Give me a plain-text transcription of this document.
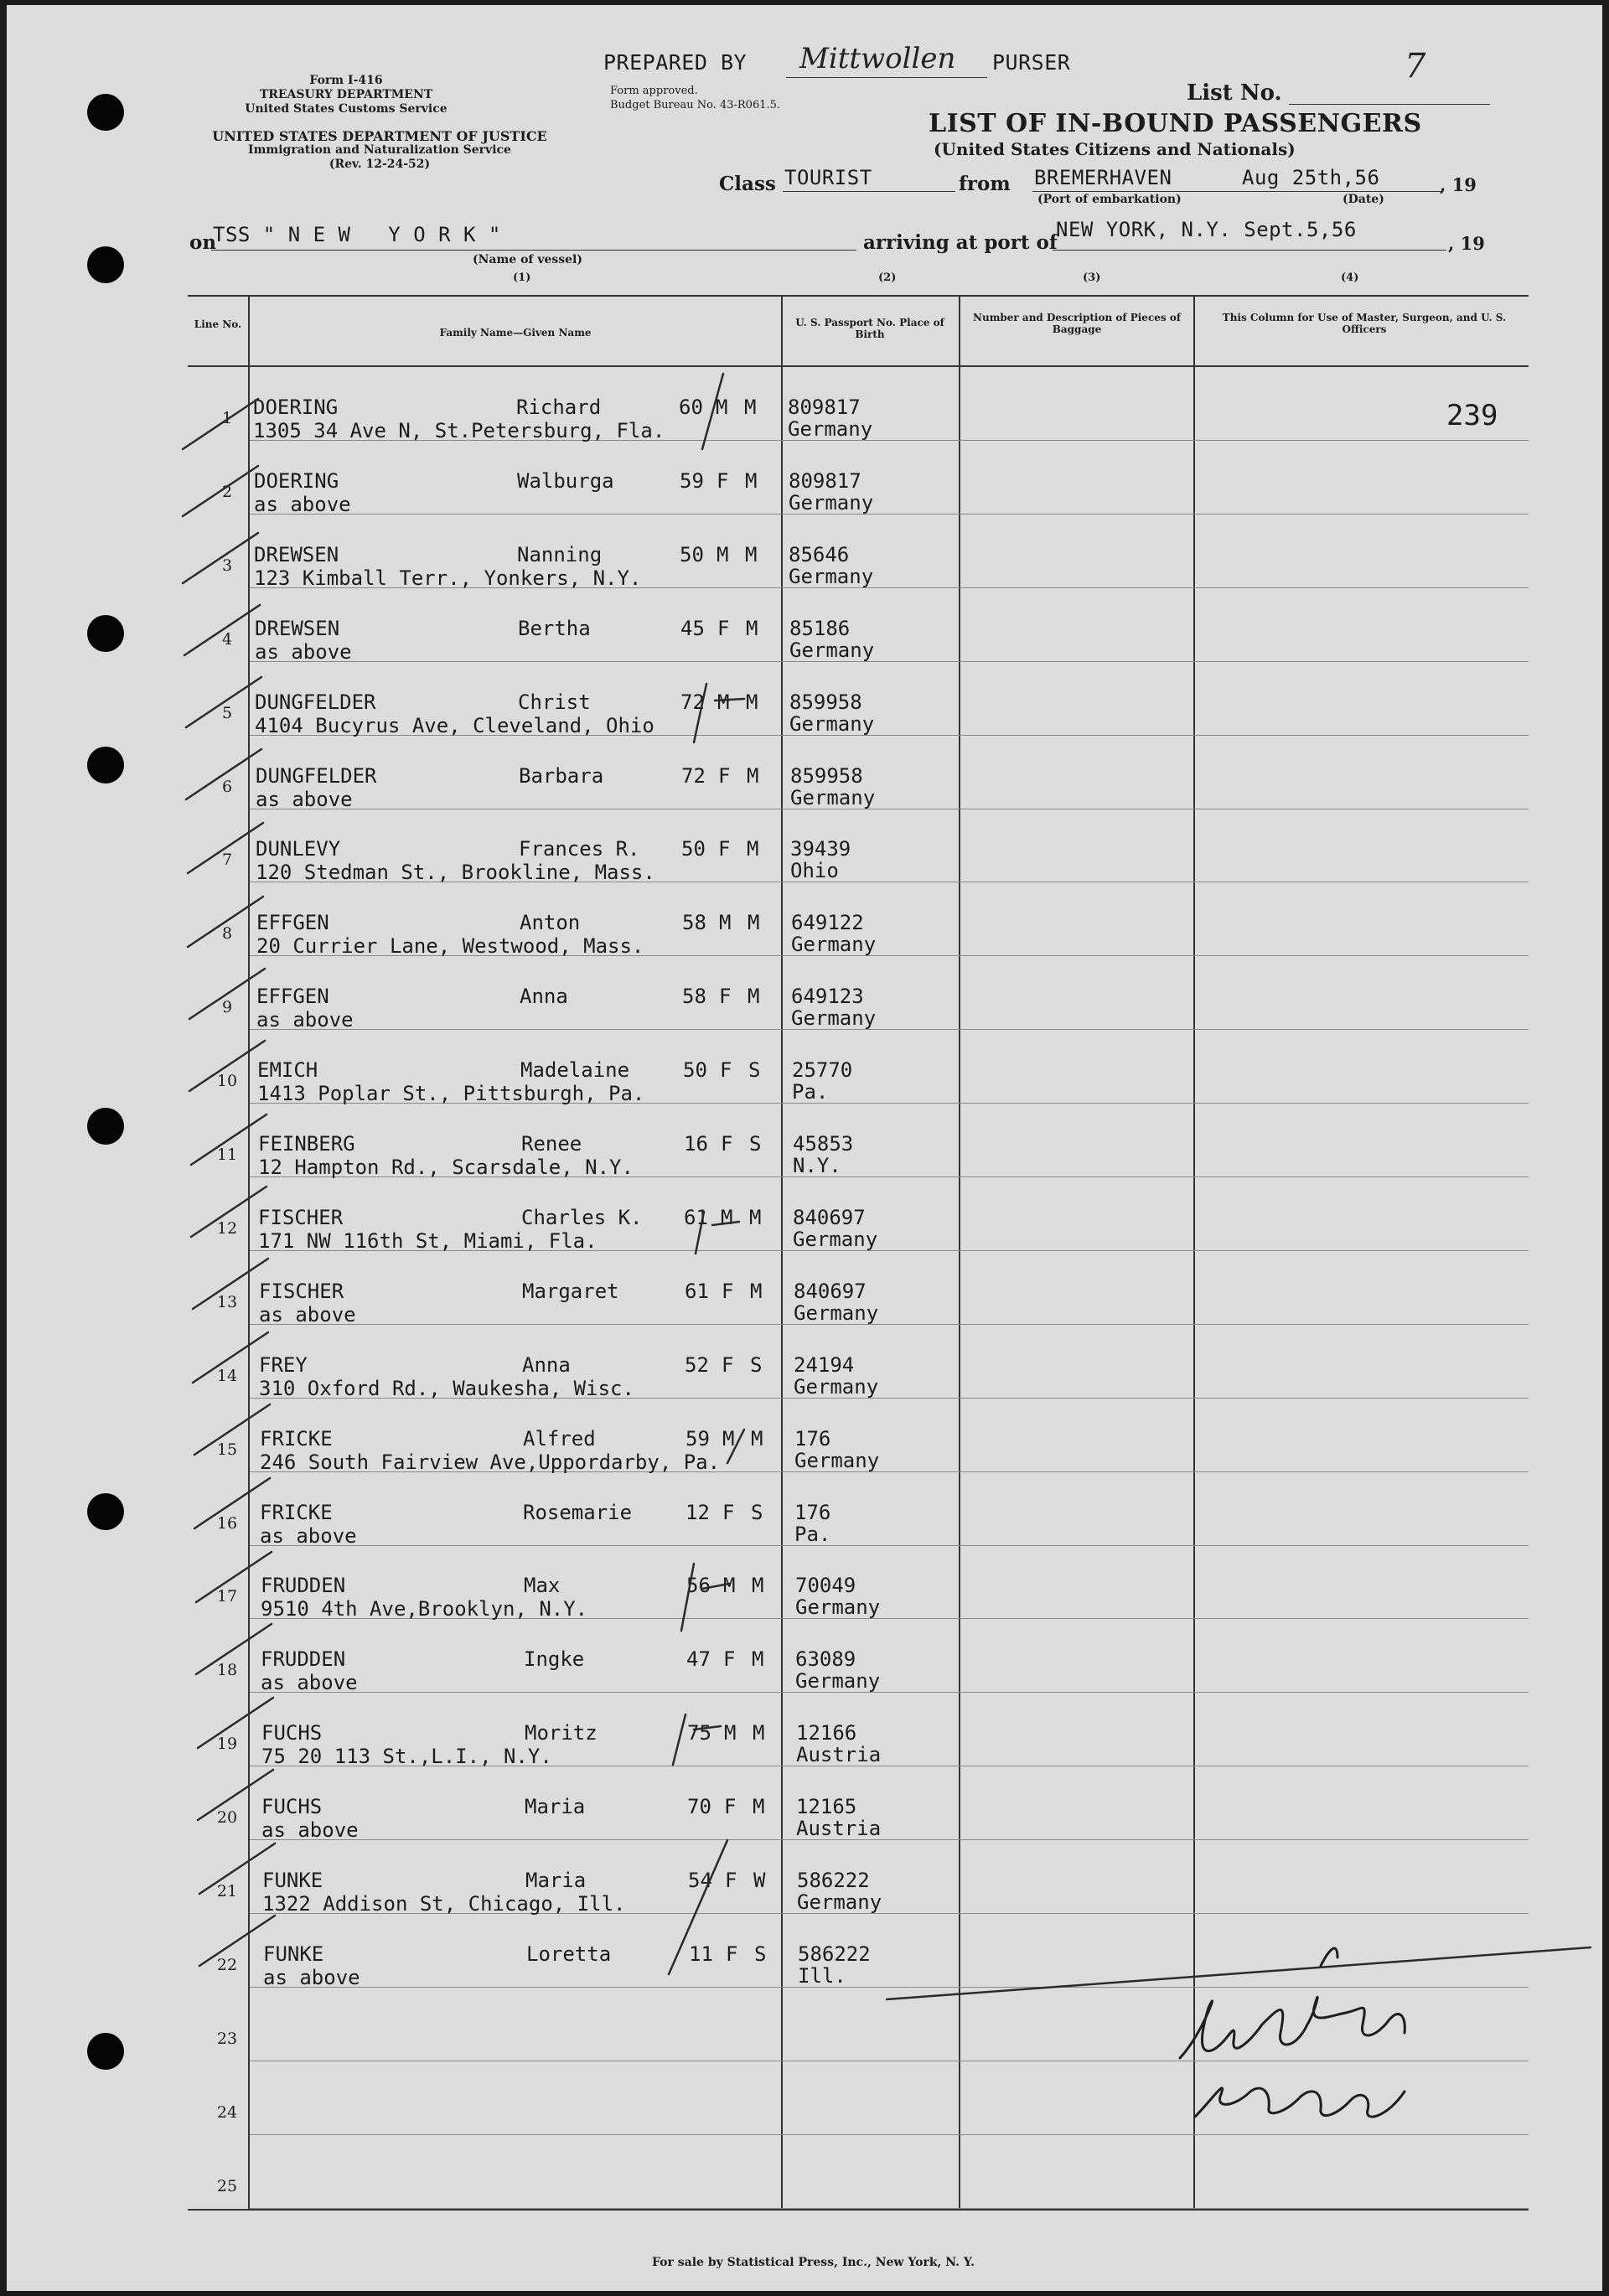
PREPARED BY Mittwollen PURSER	7
Form I-416
TREASURY DEPARTMENT
United States Customs Service
Form approved.
Budget Bureau No. 43-R061.5.
UNITED STATES DEPARTMENT OF JUSTICE
Immigration and Naturalization Service
(Rev. 12-24-52)
List No.
LIST OF IN-BOUND PASSENGERS
(United States Citizens and Nationals)
Class TOURIST	from BREMERHAVEN	Aug 25th,56
(Port of embarkation)	(Date)
, 19
on
TSS " N E W   Y O R K "
(Name of vessel)
arriving at port of
NEW YORK, N.Y. Sept.5,56
, 19
(1)	(2)	(3)	(4)
Line No.
Family Name—Given Name
U. S. Passport No. Place of Birth
Number and Description of Pieces of Baggage
This Column for Use of Master, Surgeon, and U. S. Officers
239
1	DOERING	Richard	60 M M
1305 34 Ave N, St.Petersburg, Fla.
809817
Germany
2	DOERING	Walburga	59 F M
as above
809817
Germany
3	DREWSEN	Nanning	50 M M
123 Kimball Terr., Yonkers, N.Y.
85646
Germany
4	DREWSEN	Bertha	45 F M
as above
85186
Germany
5	DUNGFELDER	Christ	72 M M
4104 Bucyrus Ave, Cleveland, Ohio
859958
Germany
6	DUNGFELDER	Barbara	72 F M
as above
859958
Germany
7	DUNLEVY	Frances R. 50 F M
120 Stedman St., Brookline, Mass.
39439
Ohio
8	EFFGEN	Anton	58 M M
20 Currier Lane, Westwood, Mass.
649122
Germany
9	EFFGEN	Anna	58 F M
as above
649123
Germany
10 EMICH	Madelaine	50 F S
1413 Poplar St., Pittsburgh, Pa.
25770
Pa.
11	FEINBERG	Renee	16 F S
12 Hampton Rd., Scarsdale, N.Y.
45853
N.Y.
12	FISCHER	Charles K. 61 M M
171 NW 116th St, Miami, Fla.
840697
Germany
13	FISCHER	Margaret	61 F M
as above
840697
Germany
14	FREY	Anna	52 F S
310 Oxford Rd., Waukesha, Wisc.
24194
Germany
15	FRICKE	Alfred	59 M M
246 South Fairview Ave,Uppordarby, Pa.
176
Germany
16	FRICKE	Rosemarie	12 F S
as above
176
Pa.
17	FRUDDEN	Max	56 M M
9510 4th Ave,Brooklyn, N.Y.
70049
Germany
18	FRUDDEN	Ingke	47 F M
as above
63089
Germany
19	FUCHS	Moritz	75 M M
75 20 113 St.,L.I., N.Y.
12166
Austria
20	FUCHS	Maria	70 F M
as above
12165
Austria
21	FUNKE	Maria	54 F W
1322 Addison St, Chicago, Ill.
586222
Germany
22	FUNKE	Loretta	11 F S
as above
586222
Ill.
23
24
25
For sale by Statistical Press, Inc., New York, N. Y.
